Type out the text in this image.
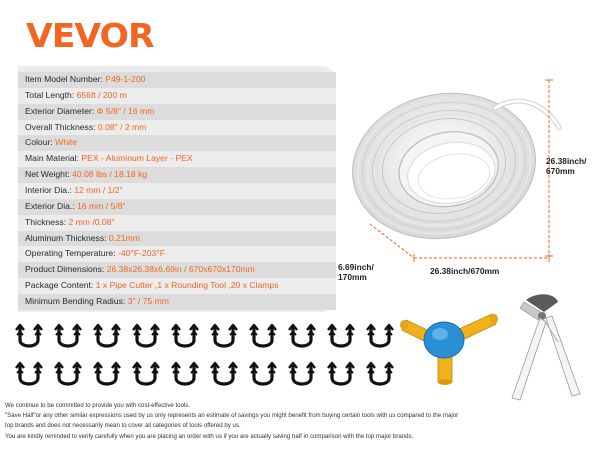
VEVOR
Item Model Number: P49-1-200
Total Length: 656ft / 200 m
Exterior Diameter: Φ 5/8" / 16 mm
Overall Thickness: 0.08" / 2 mm
Colour: White
Main Material: PEX - Aluminum Layer - PEX
Net Weight: 40.08 lbs / 18.18 kg
Interior Dia.: 12 mm / 1/2"
Exterior Dia.: 16 mm / 5/8"
Thickness: 2 mm /0.08"
Aluminum Thickness: 0.21mm
Operating Temperature: -40°F-203°F
Product Dimensions: 26.38x26.38x6.69in / 670x670x170mm
Package Content: 1 x Pipe Cutter ,1 x Rounding Tool ,20 x Clamps
Minimum Bending Radius: 3" / 75 mm
26.38inch/
670mm
26.38inch/670mm
6.69inch/
170mm
We continue to be committed to provide you with cost-effective tools.
"Save Half"or any other similar expressions used by us only represents an estimate of savings you might benefit from buying certain tools with us compared to the major
top brands and does not necessarily mean to cover all categories of tools offered by us.
You are kindly reminded to verify carefully when you are placing an order with us if you are actually saving half in comparison with the top major brands.
